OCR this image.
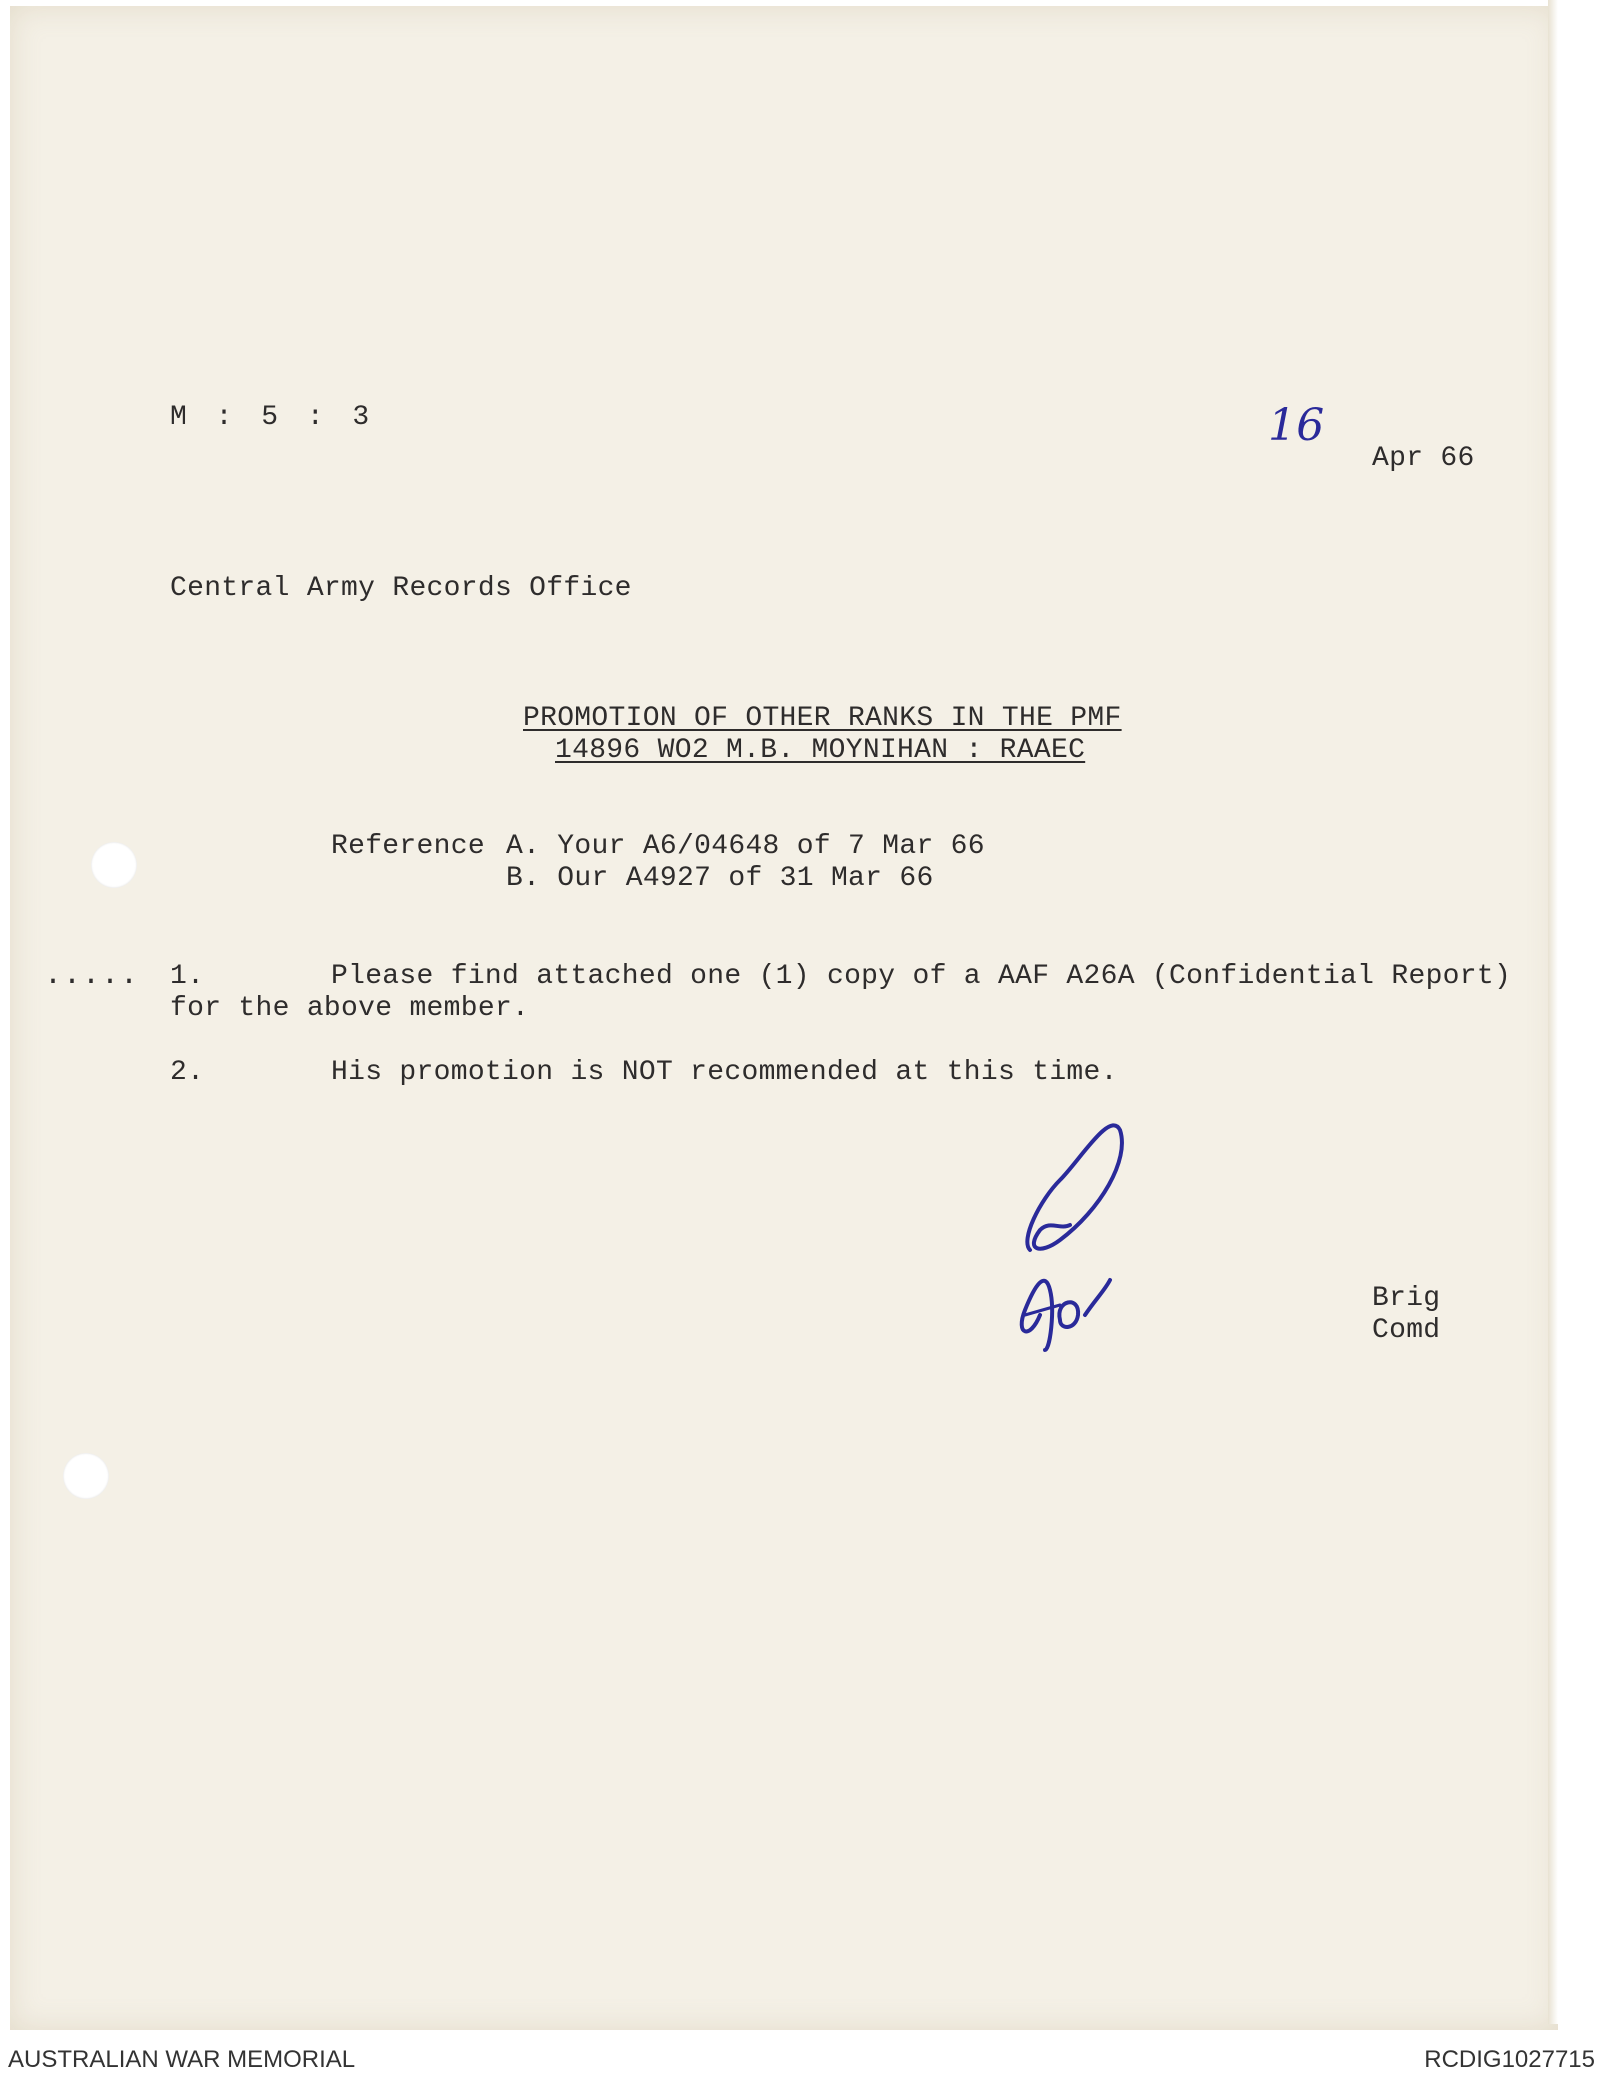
M : 5 : 3	16
Apr 66
Central Army Records Office
PROMOTION OF OTHER RANKS IN THE PMF
14896 WO2 M.B. MOYNIHAN : RAAEC
Reference A. Your A6/04648 of 7 Mar 66
B. Our A4927 of 31 Mar 66
..... 1.	Please find attached one (1) copy of a AAF A26A (Confidential Report)
for the above member.
2.	His promotion is NOT recommended at this time.
Brig
Comd
AUSTRALIAN WAR MEMORIAL	RCDIG1027715
